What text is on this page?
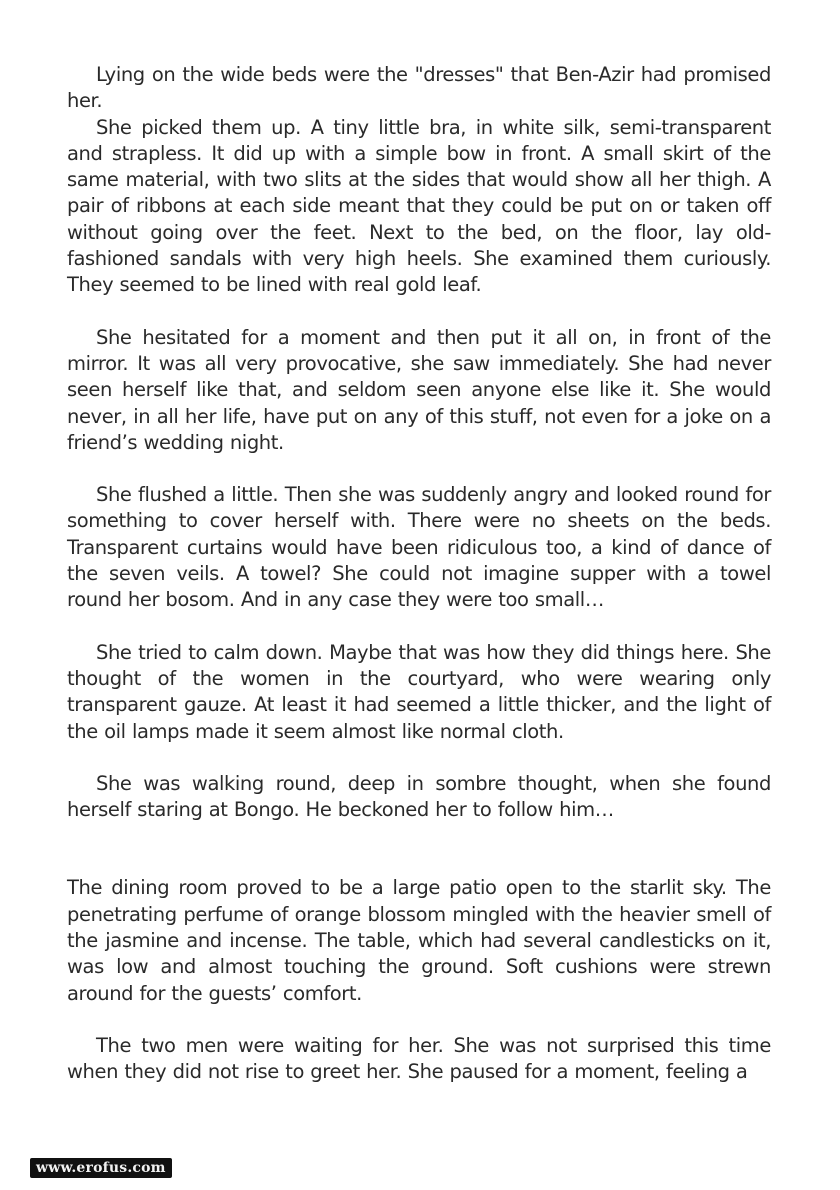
Lying on the wide beds were the "dresses" that Ben-Azir had promised her.

She picked them up. A tiny little bra, in white silk, semi-transparent and strapless. It did up with a simple bow in front. A small skirt of the same material, with two slits at the sides that would show all her thigh. A pair of ribbons at each side meant that they could be put on or taken off without going over the feet. Next to the bed, on the floor, lay old-fashioned sandals with very high heels. She examined them curiously. They seemed to be lined with real gold leaf.

She hesitated for a moment and then put it all on, in front of the mirror. It was all very provocative, she saw immediately. She had never seen herself like that, and seldom seen anyone else like it. She would never, in all her life, have put on any of this stuff, not even for a joke on a friend’s wedding night.

She flushed a little. Then she was suddenly angry and looked round for something to cover herself with. There were no sheets on the beds. Transparent curtains would have been ridiculous too, a kind of dance of the seven veils. A towel? She could not imagine supper with a towel round her bosom. And in any case they were too small…

She tried to calm down. Maybe that was how they did things here. She thought of the women in the courtyard, who were wearing only transparent gauze. At least it had seemed a little thicker, and the light of the oil lamps made it seem almost like normal cloth.

She was walking round, deep in sombre thought, when she found herself staring at Bongo. He beckoned her to follow him…

The dining room proved to be a large patio open to the starlit sky. The penetrating perfume of orange blossom mingled with the heavier smell of the jasmine and incense. The table, which had several candlesticks on it, was low and almost touching the ground. Soft cushions were strewn around for the guests’ comfort.

The two men were waiting for her. She was not surprised this time when they did not rise to greet her. She paused for a moment, feeling a

www.erofus.com
